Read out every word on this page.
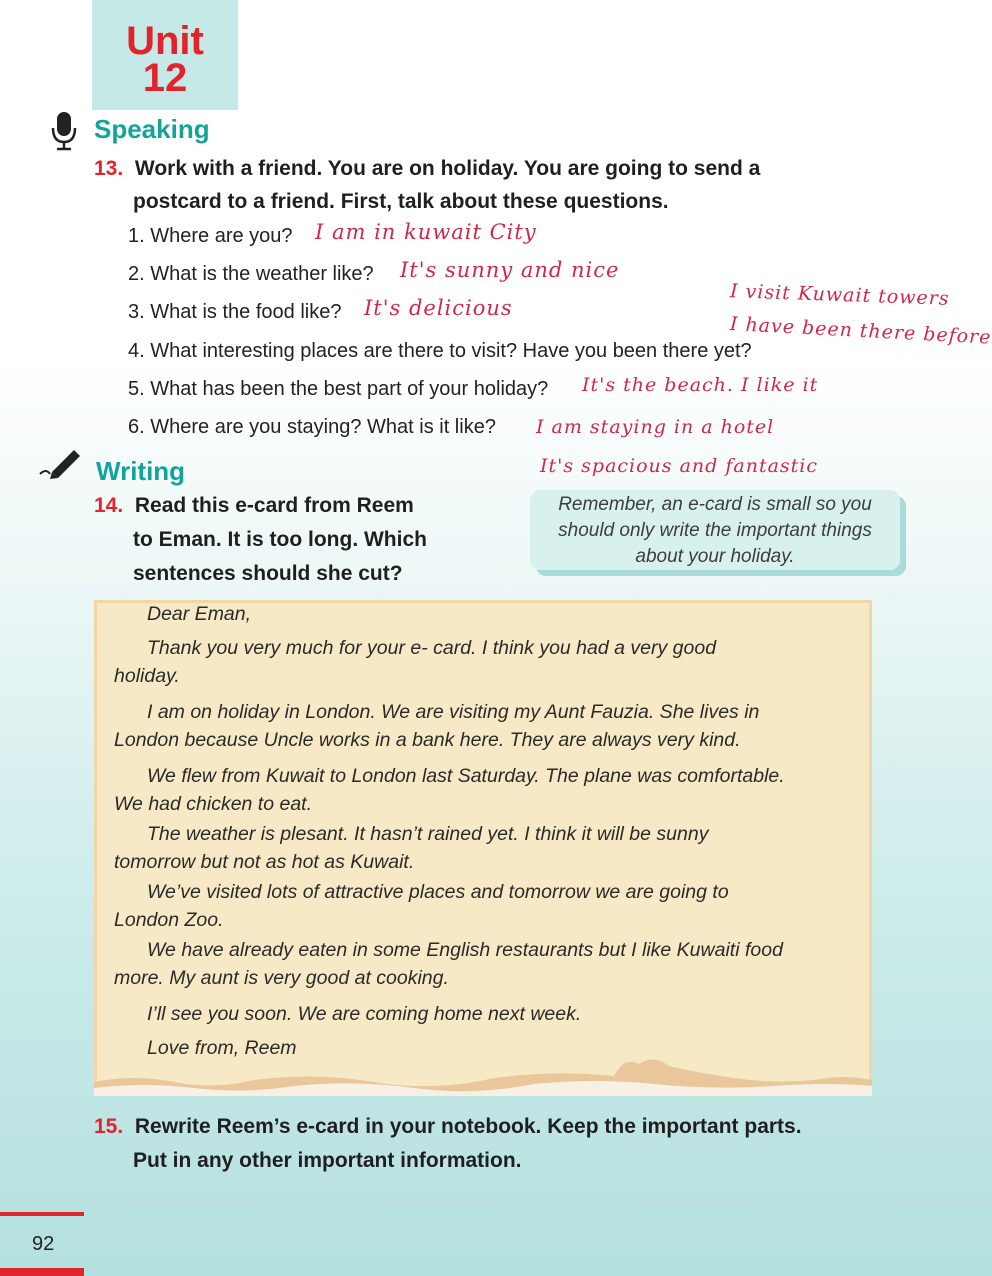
Unit
12
Speaking
13. Work with a friend. You are on holiday. You are going to send a
postcard to a friend. First, talk about these questions.
1. Where are you? I am in kuwait City
2. What is the weather like? It's sunny and nice
3. What is the food like? It's delicious	I visit Kuwait towers
I have been there before
4. What interesting places are there to visit? Have you been there yet?
5. What has been the best part of your holiday? It's the beach. I like it
6. Where are you staying? What is it like? I am staying in a hotel
It's spacious and fantastic
Writing
14. Read this e-card from Reem
to Eman. It is too long. Which
sentences should she cut?
Remember, an e-card is small so you
should only write the important things
about your holiday.
Dear Eman,
Thank you very much for your e- card. I think you had a very good
holiday.
I am on holiday in London. We are visiting my Aunt Fauzia. She lives in
London because Uncle works in a bank here. They are always very kind.
We flew from Kuwait to London last Saturday. The plane was comfortable.
We had chicken to eat.
The weather is plesant. It hasn’t rained yet. I think it will be sunny
tomorrow but not as hot as Kuwait.
We’ve visited lots of attractive places and tomorrow we are going to
London Zoo.
We have already eaten in some English restaurants but I like Kuwaiti food
more. My aunt is very good at cooking.
I’ll see you soon. We are coming home next week.
Love from, Reem
15. Rewrite Reem’s e-card in your notebook. Keep the important parts.
Put in any other important information.
92
